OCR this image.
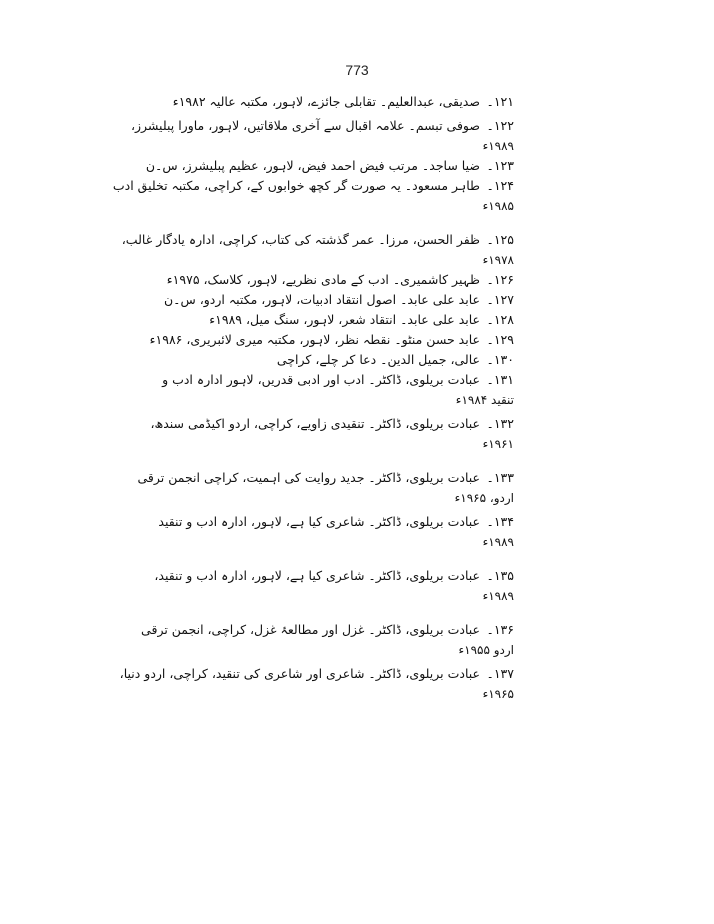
773
۱۲۱۔
صدیقی، عبدالعلیم۔ تقابلی جائزے، لاہور، مکتبہ عالیہ ۱۹۸۲ء
۱۲۲۔
صوفی تبسم۔ علامہ اقبال سے آخری ملاقاتیں، لاہور، ماورا پبلیشرز،
۱۹۸۹ء
۱۲۳۔
ضیا ساجد۔ مرتب فیض احمد فیض، لاہور، عظیم پبلیشرز، س۔ن
۱۲۴۔
طاہر مسعود۔ یہ صورت گر کچھ خوابوں کے، کراچی، مکتبہ تخلیق ادب
۱۹۸۵ء
۱۲۵۔
ظفر الحسن، مرزا۔ عمر گذشتہ کی کتاب، کراچی، ادارہ یادگار غالب،
۱۹۷۸ء
۱۲۶۔
ظہیر کاشمیری۔ ادب کے مادی نظریے، لاہور، کلاسک، ۱۹۷۵ء
۱۲۷۔
عابد علی عابد۔ اصول انتقاد ادبیات، لاہور، مکتبہ اردو، س۔ن
۱۲۸۔
عابد علی عابد۔ انتقاد شعر، لاہور، سنگ میل، ۱۹۸۹ء
۱۲۹۔
عابد حسن منٹو۔ نقطہ نظر، لاہور، مکتبہ میری لائبریری، ۱۹۸۶ء
۱۳۰۔
عالی، جمیل الدین۔ دعا کر چلے، کراچی
۱۳۱۔
عبادت بریلوی، ڈاکٹر۔ ادب اور ادبی قدریں، لاہور ادارہ ادب و
تنقید ۱۹۸۴ء
۱۳۲۔
عبادت بریلوی، ڈاکٹر۔ تنقیدی زاویے، کراچی، اردو اکیڈمی سندھ،
۱۹۶۱ء
۱۳۳۔
عبادت بریلوی، ڈاکٹر۔ جدید روایت کی اہمیت، کراچی انجمن ترقی
اردو، ۱۹۶۵ء
۱۳۴۔
عبادت بریلوی، ڈاکٹر۔ شاعری کیا ہے، لاہور، ادارہ ادب و تنقید
۱۹۸۹ء
۱۳۵۔
عبادت بریلوی، ڈاکٹر۔ شاعری کیا ہے، لاہور، ادارہ ادب و تنقید،
۱۹۸۹ء
۱۳۶۔
عبادت بریلوی، ڈاکٹر۔ غزل اور مطالعۂ غزل، کراچی، انجمن ترقی
اردو ۱۹۵۵ء
۱۳۷۔
عبادت بریلوی، ڈاکٹر۔ شاعری اور شاعری کی تنقید، کراچی، اردو دنیا،
۱۹۶۵ء
